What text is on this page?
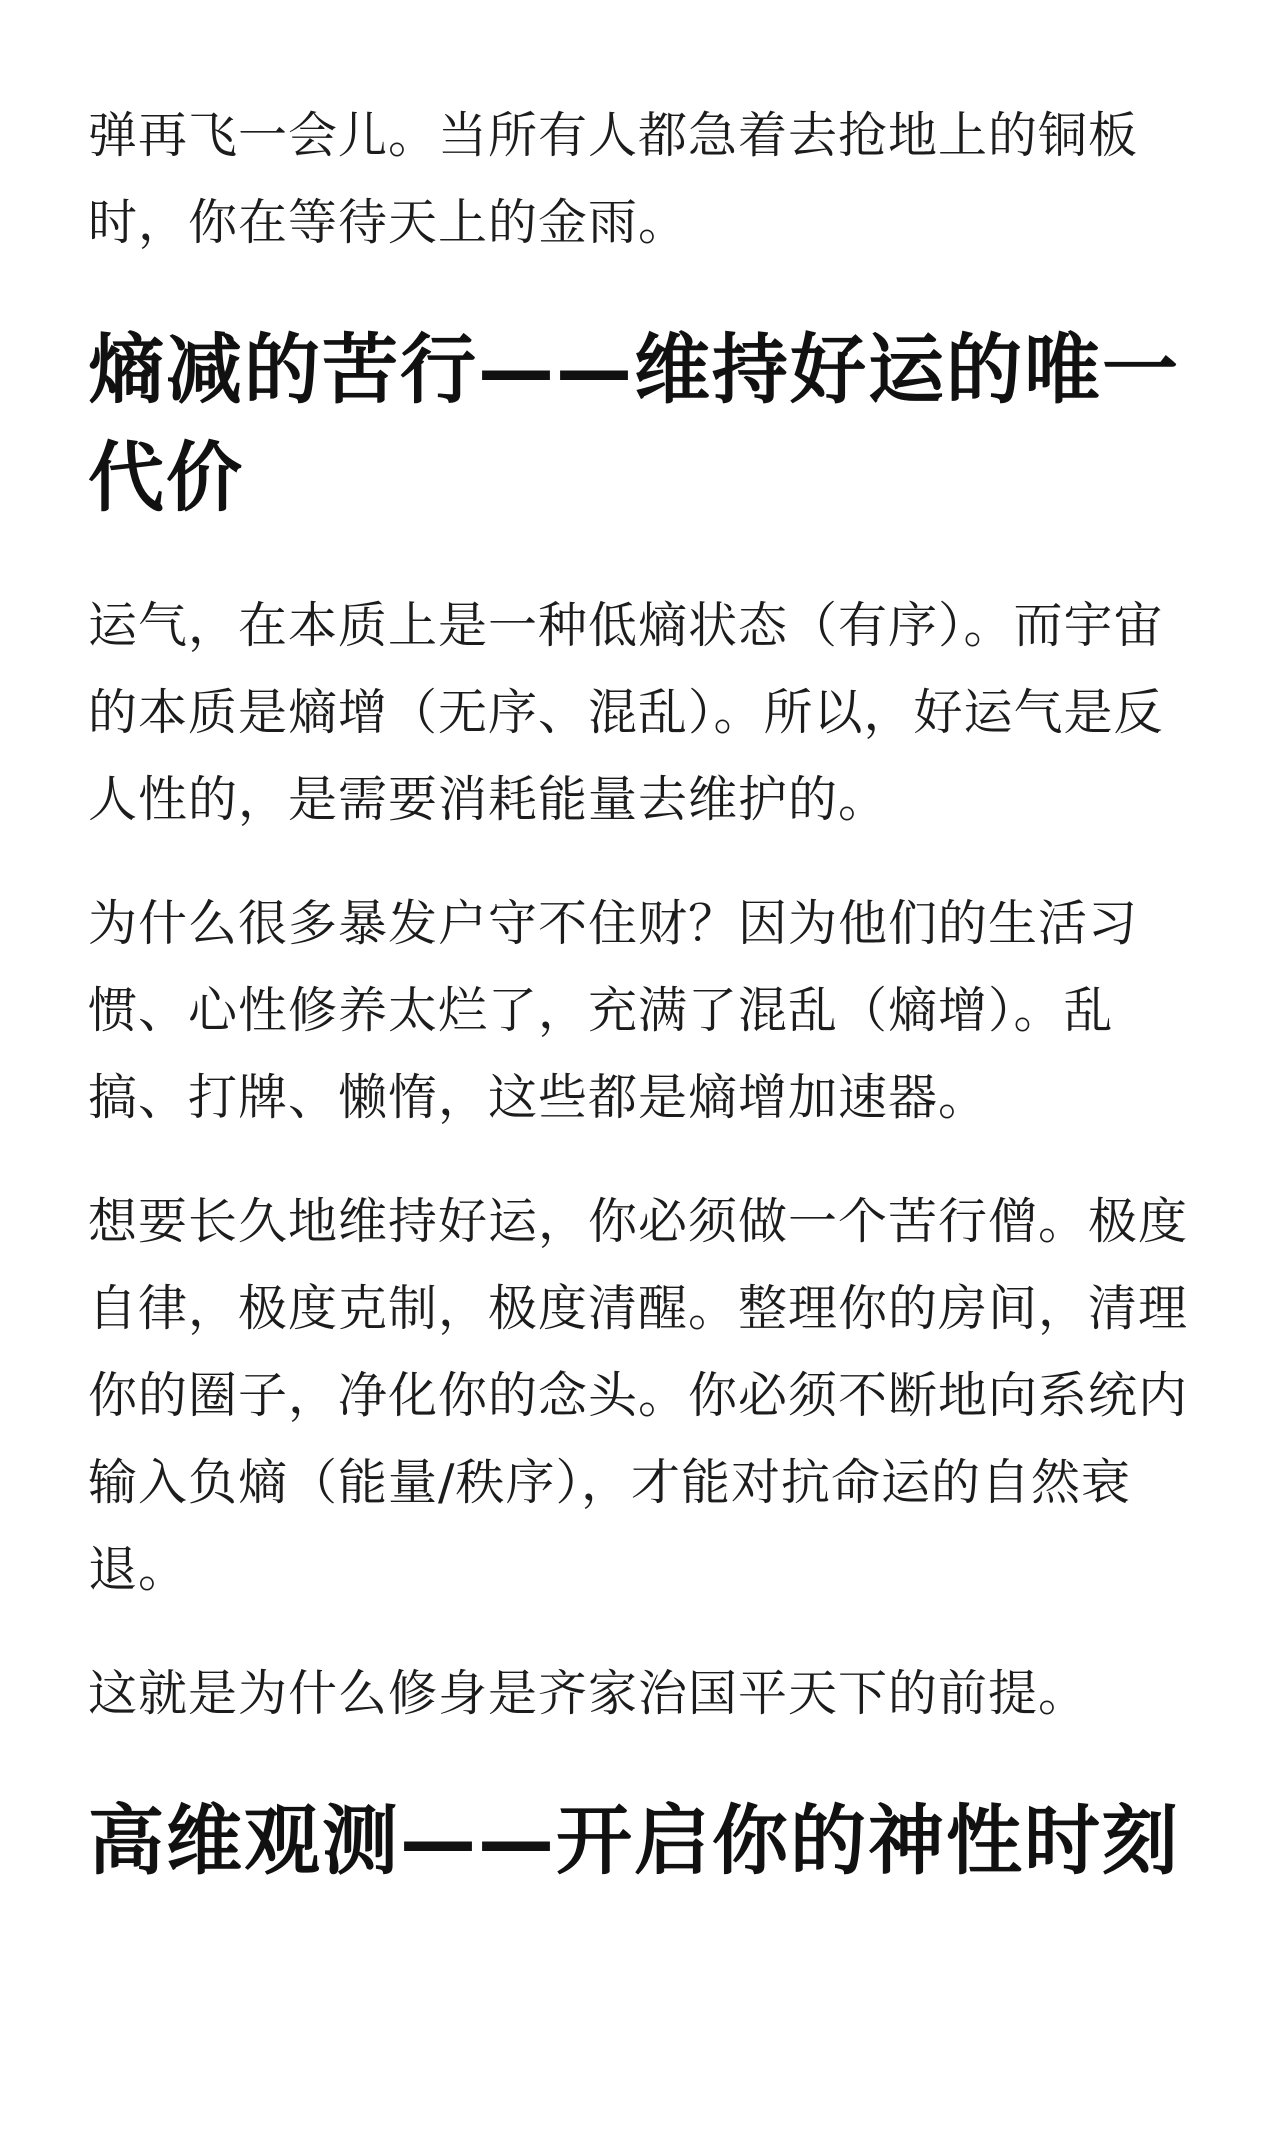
弹再飞一会儿。当所有人都急着去抢地上的铜板时，你在等待天上的金雨。

熵减的苦行——维持好运的唯一代价

运气，在本质上是一种低熵状态（有序）。而宇宙的本质是熵增（无序、混乱）。所以，好运气是反人性的，是需要消耗能量去维护的。

为什么很多暴发户守不住财？因为他们的生活习惯、心性修养太烂了，充满了混乱（熵增）。乱搞、打牌、懒惰，这些都是熵增加速器。

想要长久地维持好运，你必须做一个苦行僧。极度自律，极度克制，极度清醒。整理你的房间，清理你的圈子，净化你的念头。你必须不断地向系统内输入负熵（能量/秩序），才能对抗命运的自然衰退。

这就是为什么修身是齐家治国平天下的前提。

高维观测——开启你的神性时刻
